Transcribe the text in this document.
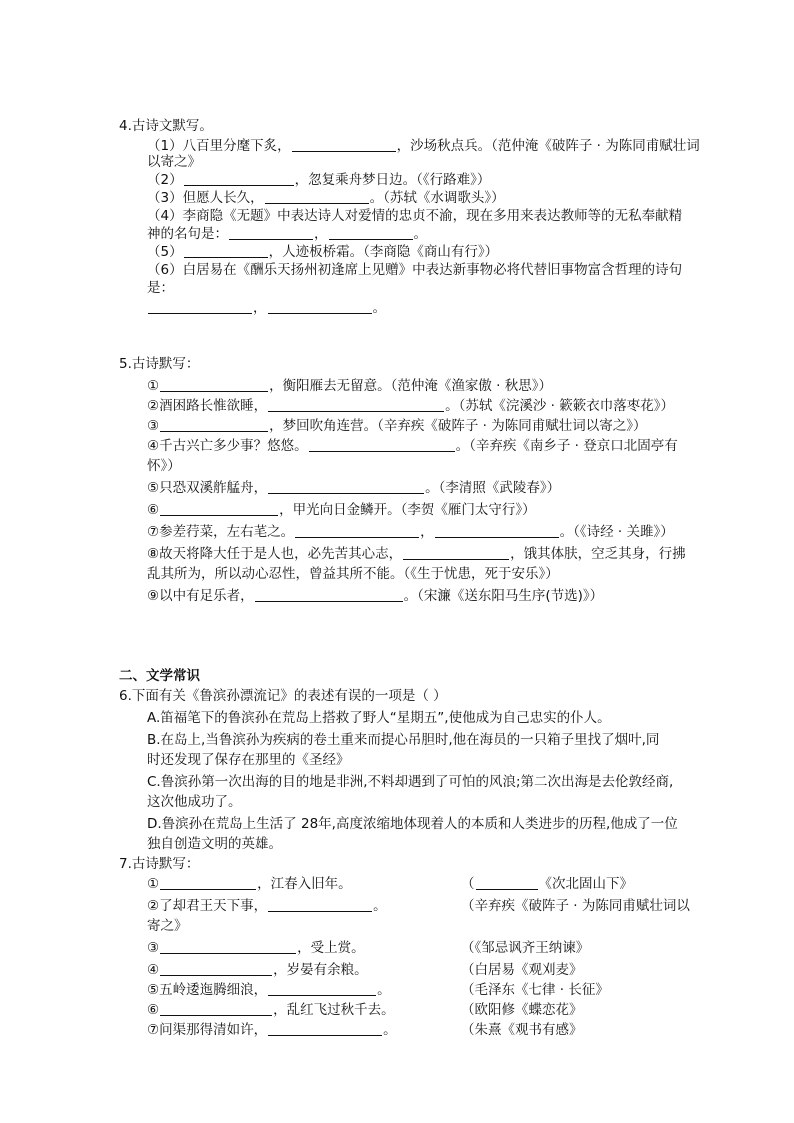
4.古诗文默写。
（1）八百里分麾下炙，	，沙场秋点兵。（范仲淹《破阵子 · 为陈同甫赋壮词
以寄之》
（2）	，忽复乘舟梦日边。（《行路难》）
（3）但愿人长久，	。（苏轼《水调歌头》）
（4）李商隐《无题》中表达诗人对爱情的忠贞不渝，现在多用来表达教师等的无私奉献精
神的名句是：	，	。
（5）	，人迹板桥霜。（李商隐《商山有行》）
（6）白居易在《酬乐天扬州初逢席上见赠》中表达新事物必将代替旧事物富含哲理的诗句
是：
，	。
5.古诗默写：
①	，衡阳雁去无留意。（范仲淹《渔家傲 · 秋思》）
②酒困路长惟欲睡，	。（苏轼《浣溪沙 · 簌簌衣巾落枣花》）
③	，梦回吹角连营。（辛弃疾《破阵子 · 为陈同甫赋壮词以寄之》）
④千古兴亡多少事？悠悠。	。（辛弃疾《南乡子 · 登京口北固亭有
怀》）
⑤只恐双溪舴艋舟，	。（李清照《武陵春》）
⑥	，甲光向日金鳞开。（李贺《雁门太守行》）
⑦参差荇菜，左右芼之。	，	。（《诗经 · 关雎》）
⑧故天将降大任于是人也，必先苦其心志，	，饿其体肤，空乏其身，行拂
乱其所为，所以动心忍性，曾益其所不能。（《生于忧患，死于安乐》）
⑨以中有足乐者，	。（宋濂《送东阳马生序(节选)》）
二、文学常识
6.下面有关《鲁滨孙漂流记》的表述有误的一项是（ ）
A.笛福笔下的鲁滨孙在荒岛上搭救了野人“星期五”,使他成为自己忠实的仆人。
B.在岛上,当鲁滨孙为疾病的卷土重来而提心吊胆时,他在海员的一只箱子里找了烟叶,同
时还发现了保存在那里的《圣经》
C.鲁滨孙第一次出海的目的地是非洲,不料却遇到了可怕的风浪;第二次出海是去伦敦经商,
这次他成功了。
D.鲁滨孙在荒岛上生活了 28年,高度浓缩地体现着人的本质和人类进步的历程,他成了一位
独自创造文明的英雄。
7.古诗默写：
①	，江春入旧年。	（	《次北固山下》
②了却君王天下事，	。	（辛弃疾《破阵子 · 为陈同甫赋壮词以
寄之》
③	，受上赏。	（《邹忌讽齐王纳谏》
④	，岁晏有余粮。	（白居易《观刈麦》
⑤五岭逶迤腾细浪，	。	（毛泽东《七律 · 长征》
⑥	，乱红飞过秋千去。	（欧阳修《蝶恋花》
⑦问渠那得清如许，	。	（朱熹《观书有感》
